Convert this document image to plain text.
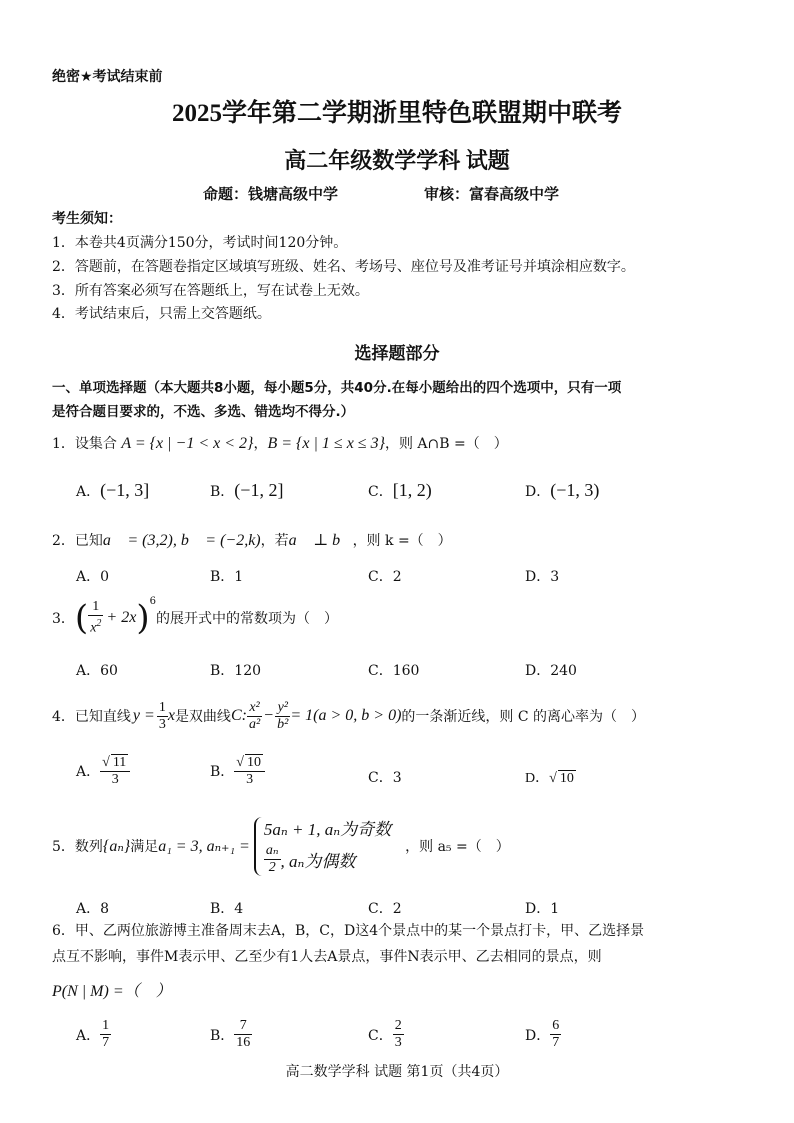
绝密★考试结束前
2025学年第二学期浙里特色联盟期中联考
高二年级数学学科 试题
命题：钱塘高级中学	审核：富春高级中学
考生须知：
1．本卷共4页满分150分，考试时间120分钟。
2．答题前，在答题卷指定区域填写班级、姓名、考场号、座位号及准考证号并填涂相应数字。
3．所有答案必须写在答题纸上，写在试卷上无效。
4．考试结束后，只需上交答题纸。
选择题部分
一、单项选择题（本大题共8小题，每小题5分，共40分.在每小题给出的四个选项中，只有一项
是符合题目要求的，不选、多选、错选均不得分.）
1．设集合 A = {x | −1 < x < 2}，B = {x | 1 ≤ x ≤ 3}，则 A∩B =（　）
A．(−1, 3]	B．(−1, 2]	C．[1, 2)	D．(−1, 3)
2．已知a⃗ = (3,2), b⃗ = (−2,k)，若a⃗ ⊥ b⃗，则 k =（　）
A．0	B．1	C．2	D．3
3． ( $\frac{1}{x^2} + 2x$ )$^6$
的展开式中的常数项为（　）
A．60	B．120	C．160	D．240
4． 已知直线 $y = \frac{1}{3}$ x 是双曲线 C: $\frac{\text{x²}}{\text{a²}} - \frac{\text{y²}}{\text{b²}} = 1(a > 0$, b > 0) 的一条渐近线，则 C 的离心率为（　）
A． $\frac{√ 11}{3}$	B． $\frac{√ 10}{3}$	C．3	D．√ 10
5． 数列 {aₙ} 满足 a₁ = 3, aₙ₊₁ =
5aₙ + 1, aₙ为奇数
$\frac{\text{aₙ}}{2}$ , aₙ为偶数
，则 a₅ =（　）
A．8	B．4	C．2	D．1
6．甲、乙两位旅游博主准备周末去A，B，C，D这4个景点中的某一个景点打卡，甲、乙选择景
点互不影响，事件M表示甲、乙至少有1人去A景点，事件N表示甲、乙去相同的景点，则
P(N | M) =（　）
A． $\frac{1}{7}$	B． $\frac{7}{16}$	C． $\frac{2}{3}$	D． $\frac{6}{7}$
高二数学学科 试题 第1页（共4页）
